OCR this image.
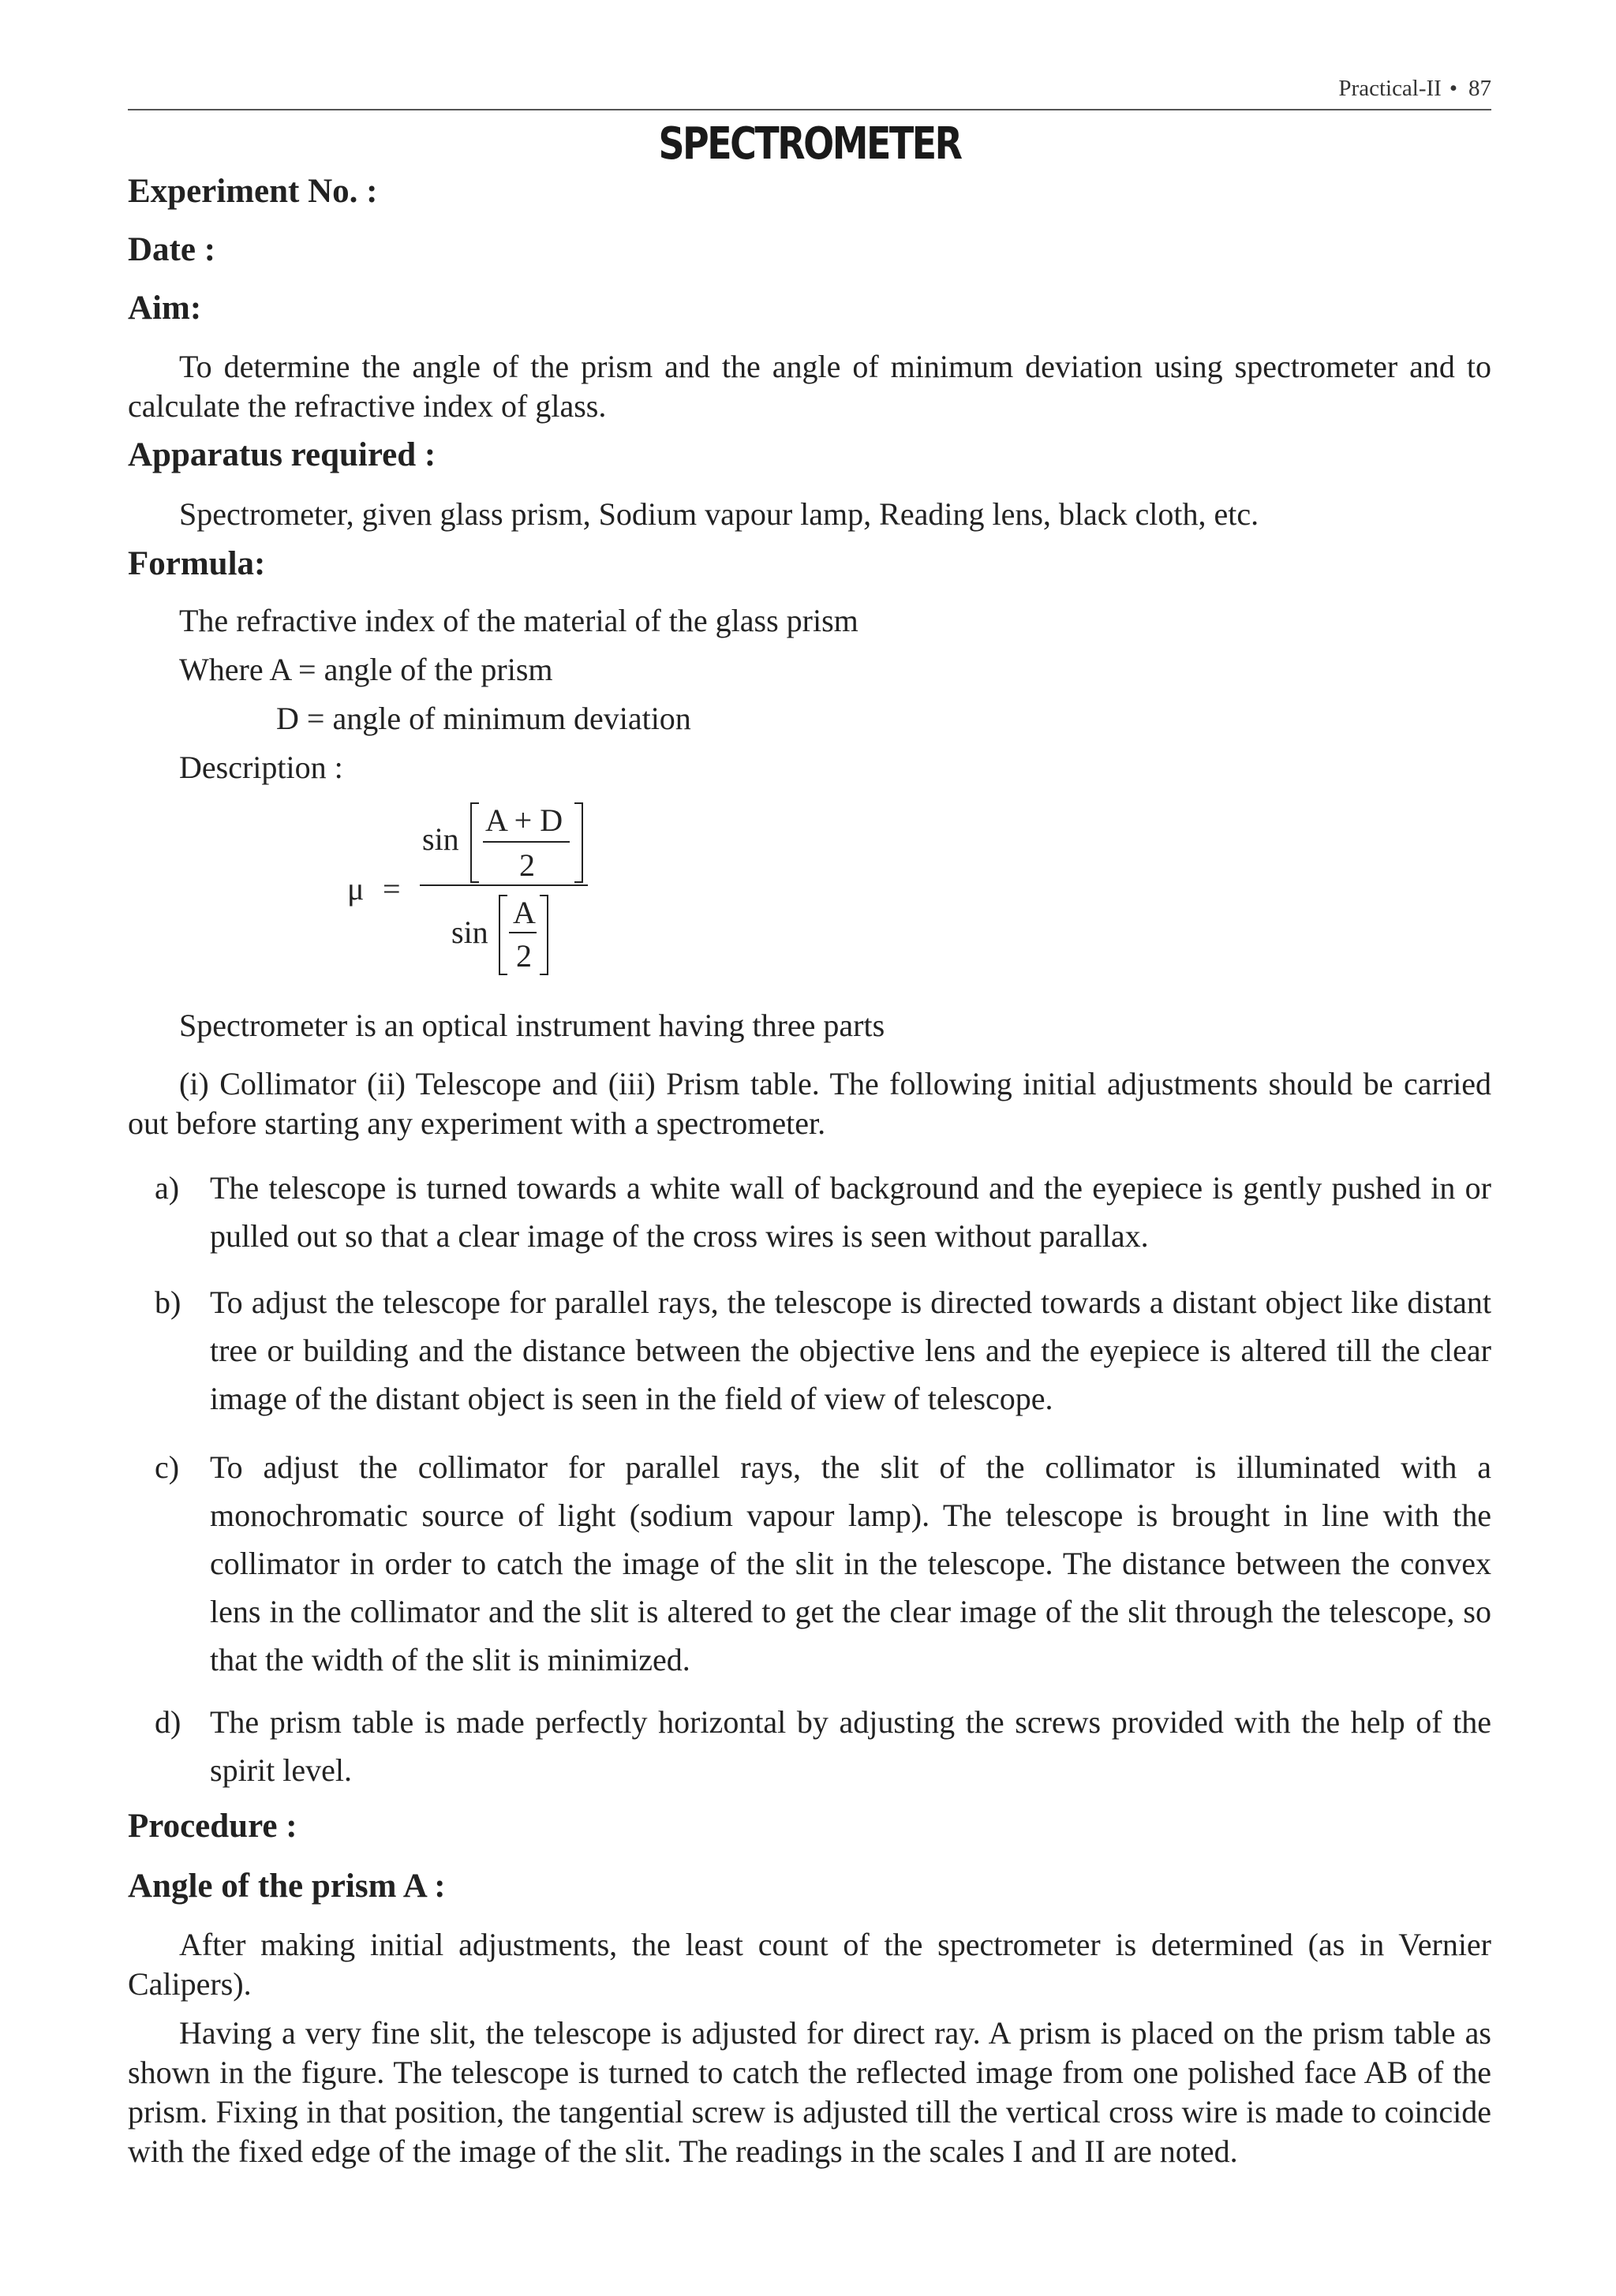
Practical-II • 87
SPECTROMETER
Experiment No. :
Date :
Aim:
To determine the angle of the prism and the angle of minimum deviation using spectrometer and to calculate the refractive index of glass.
Apparatus required :
Spectrometer, given glass prism, Sodium vapour lamp, Reading lens, black cloth, etc.
Formula:
The refractive index of the material of the glass prism
Where A = angle of the prism
D = angle of minimum deviation
Description :
μ =
sin
A + D
2
sin
A
2
Spectrometer is an optical instrument having three parts
(i) Collimator (ii) Telescope and (iii) Prism table. The following initial adjustments should be carried out before starting any experiment with a spectrometer.
a) The telescope is turned towards a white wall of background and the eyepiece is gently pushed in or pulled out so that a clear image of the cross wires is seen without parallax.
b) To adjust the telescope for parallel rays, the telescope is directed towards a distant object like distant tree or building and the distance between the objective lens and the eyepiece is altered till the clear image of the distant object is seen in the field of view of telescope.
c) To adjust the collimator for parallel rays, the slit of the collimator is illuminated with a monochromatic source of light (sodium vapour lamp). The telescope is brought in line with the collimator in order to catch the image of the slit in the telescope. The distance between the convex lens in the collimator and the slit is altered to get the clear image of the slit through the telescope, so that the width of the slit is minimized.
d) The prism table is made perfectly horizontal by adjusting the screws provided with the help of the spirit level.
Procedure :
Angle of the prism A :
After making initial adjustments, the least count of the spectrometer is determined (as in Vernier Calipers).
Having a very fine slit, the telescope is adjusted for direct ray. A prism is placed on the prism table as shown in the figure. The telescope is turned to catch the reflected image from one polished face AB of the prism. Fixing in that position, the tangential screw is adjusted till the vertical cross wire is made to coincide with the fixed edge of the image of the slit. The readings in the scales I and II are noted.
